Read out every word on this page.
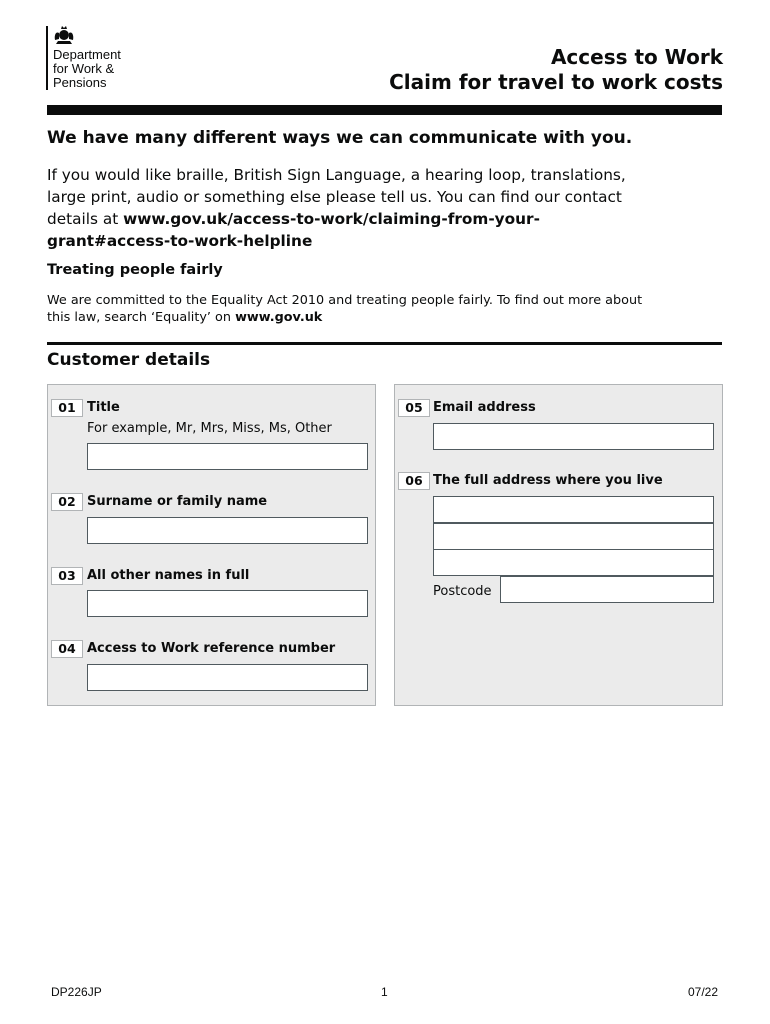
Department
for Work &
Pensions
Access to Work
Claim for travel to work costs
We have many different ways we can communicate with you.
If you would like braille, British Sign Language, a hearing loop, translations, large print, audio or something else please tell us. You can find our contact details at www.gov.uk/access-to-work/claiming-from-your-grant#access-to-work-helpline
Treating people fairly
We are committed to the Equality Act 2010 and treating people fairly. To find out more about this law, search ‘Equality’ on www.gov.uk
Customer details
01 Title
For example, Mr, Mrs, Miss, Ms, Other
02 Surname or family name
03 All other names in full
04 Access to Work reference number
05 Email address
06 The full address where you live
Postcode
DP226JP	1	07/22
